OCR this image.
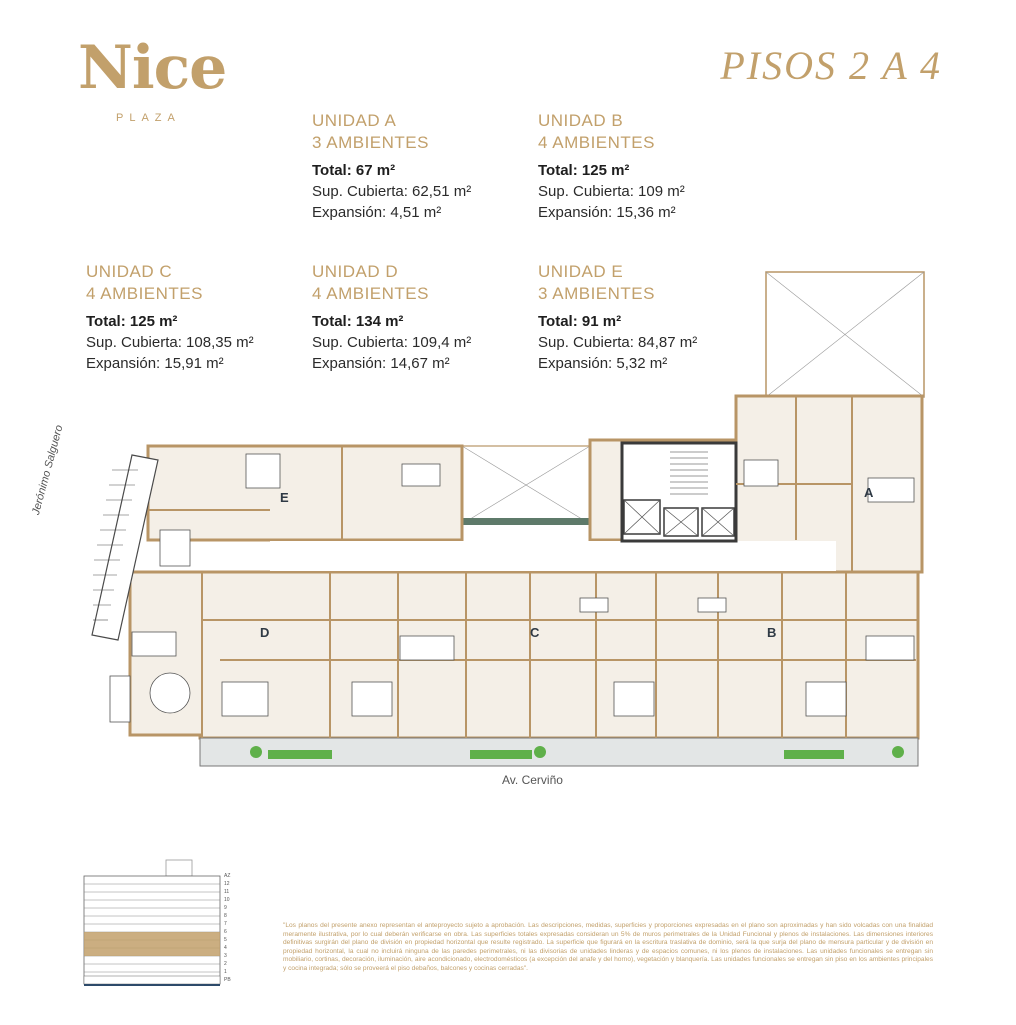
Nice
PLAZA
PISOS 2 A 4
UNIDAD A
3 AMBIENTES
Total: 67 m²
Sup. Cubierta: 62,51 m²
Expansión: 4,51 m²
UNIDAD B
4 AMBIENTES
Total: 125 m²
Sup. Cubierta: 109 m²
Expansión: 15,36 m²
UNIDAD C
4 AMBIENTES
Total: 125 m²
Sup. Cubierta: 108,35 m²
Expansión: 15,91 m²
UNIDAD D
4 AMBIENTES
Total: 134 m²
Sup. Cubierta: 109,4 m²
Expansión: 14,67 m²
UNIDAD E
3 AMBIENTES
Total: 91 m²
Sup. Cubierta: 84,87 m²
Expansión: 5,32 m²
A
B
C
D
E
AZ
12
11
10
9
8
7
6
5
4
3
2
1
PB
Jerónimo Salguero
Av. Cerviño
"Los planos del presente anexo representan el anteproyecto sujeto a aprobación. Las descripciones, medidas, superficies y proporciones expresadas en el plano son aproximadas y han sido volcadas con una finalidad meramente ilustrativa, por lo cual deberán verificarse en obra. Las superficies totales expresadas consideran un 5% de muros perimetrales de la Unidad Funcional y plenos de instalaciones. Las dimensiones interiores definitivas surgirán del plano de división en propiedad horizontal que resulte registrado. La superficie que figurará en la escritura traslativa de dominio, será la que surja del plano de mensura particular y de división en propiedad horizontal, la cual no incluirá ninguna de las paredes perimetrales, ni las divisorias de unidades linderas y de espacios comunes, ni los plenos de instalaciones. Las unidades funcionales se entregan sin mobiliario, cortinas, decoración, iluminación, aire acondicionado, electrodomésticos (a excepción del anafe y del horno), vegetación y blanquería. Las unidades funcionales se entregan sin piso en los ambientes principales y cocina integrada; sólo se proveerá el piso debaños, balcones y cocinas cerradas".
